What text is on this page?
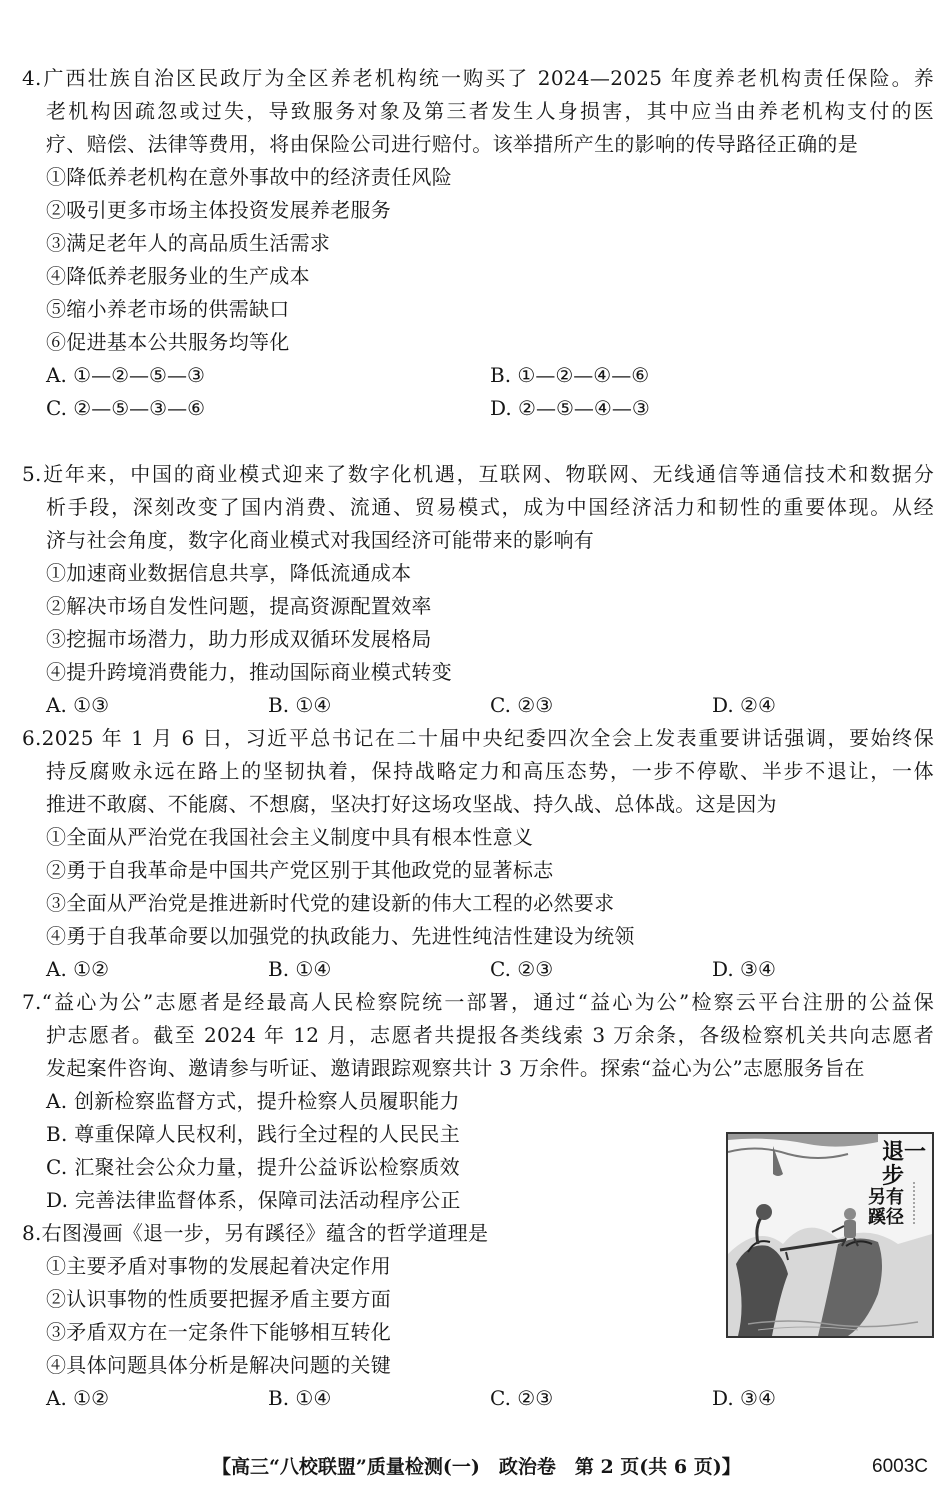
4.广西壮族自治区民政厅为全区养老机构统一购买了 2024—2025 年度养老机构责任保险。养
老机构因疏忽或过失，导致服务对象及第三者发生人身损害，其中应当由养老机构支付的医
疗、赔偿、法律等费用，将由保险公司进行赔付。该举措所产生的影响的传导路径正确的是
①降低养老机构在意外事故中的经济责任风险
②吸引更多市场主体投资发展养老服务
③满足老年人的高品质生活需求
④降低养老服务业的生产成本
⑤缩小养老市场的供需缺口
⑥促进基本公共服务均等化
A. ①—②—⑤—③	B. ①—②—④—⑥
C. ②—⑤—③—⑥	D. ②—⑤—④—③
5.近年来，中国的商业模式迎来了数字化机遇，互联网、物联网、无线通信等通信技术和数据分
析手段，深刻改变了国内消费、流通、贸易模式，成为中国经济活力和韧性的重要体现。从经
济与社会角度，数字化商业模式对我国经济可能带来的影响有
①加速商业数据信息共享，降低流通成本
②解决市场自发性问题，提高资源配置效率
③挖掘市场潜力，助力形成双循环发展格局
④提升跨境消费能力，推动国际商业模式转变
A. ①③	B. ①④	C. ②③	D. ②④
6.2025 年 1 月 6 日，习近平总书记在二十届中央纪委四次全会上发表重要讲话强调，要始终保
持反腐败永远在路上的坚韧执着，保持战略定力和高压态势，一步不停歇、半步不退让，一体
推进不敢腐、不能腐、不想腐，坚决打好这场攻坚战、持久战、总体战。这是因为
①全面从严治党在我国社会主义制度中具有根本性意义
②勇于自我革命是中国共产党区别于其他政党的显著标志
③全面从严治党是推进新时代党的建设新的伟大工程的必然要求
④勇于自我革命要以加强党的执政能力、先进性纯洁性建设为统领
A. ①②	B. ①④	C. ②③	D. ③④
7.“益心为公”志愿者是经最高人民检察院统一部署，通过“益心为公”检察云平台注册的公益保
护志愿者。截至 2024 年 12 月，志愿者共提报各类线索 3 万余条，各级检察机关共向志愿者
发起案件咨询、邀请参与听证、邀请跟踪观察共计 3 万余件。探索“益心为公”志愿服务旨在
A. 创新检察监督方式，提升检察人员履职能力
B. 尊重保障人民权利，践行全过程的人民民主
C. 汇聚社会公众力量，提升公益诉讼检察质效
D. 完善法律监督体系，保障司法活动程序公正
8.右图漫画《退一步，另有蹊径》蕴含的哲学道理是
①主要矛盾对事物的发展起着决定作用
②认识事物的性质要把握矛盾主要方面
③矛盾双方在一定条件下能够相互转化
④具体问题具体分析是解决问题的关键
A. ①②	B. ①④	C. ②③	D. ③④
退一步
另有蹊径
【高三“八校联盟”质量检测(一)　政治卷　第 2 页(共 6 页)】	6003C
